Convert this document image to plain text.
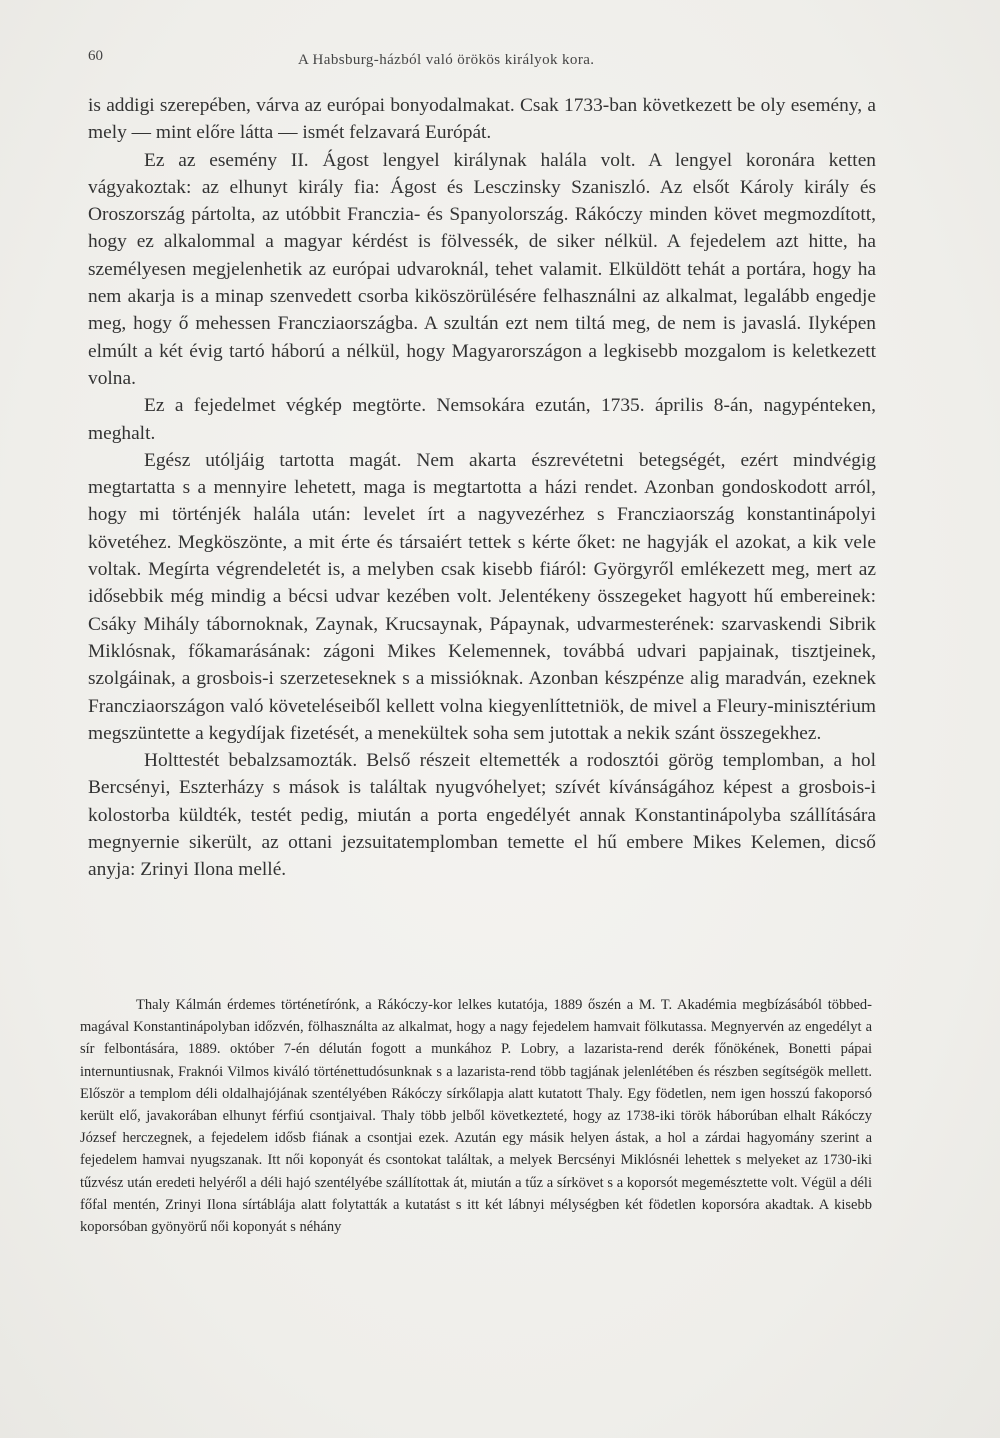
60	A Habsburg-házból való örökös királyok kora.

is addigi szerepében, várva az európai bonyodalmakat. Csak 1733-ban következett be oly esemény, a mely — mint előre látta — ismét felzavará Európát.

Ez az esemény II. Ágost lengyel királynak halála volt. A lengyel koronára ketten vágyakoztak: az elhunyt király fia: Ágost és Lesczinsky Szaniszló. Az elsőt Károly király és Oroszország pártolta, az utóbbit Franczia- és Spanyolország. Rákóczy minden követ megmozdított, hogy ez alkalommal a magyar kérdést is fölvessék, de siker nélkül. A fejedelem azt hitte, ha személyesen megjelenhetik az európai udvaroknál, tehet valamit. Elküldött tehát a portára, hogy ha nem akarja is a minap szenvedett csorba kiköszörülésére felhasználni az alkalmat, legalább engedje meg, hogy ő mehessen Francziaországba. A szultán ezt nem tiltá meg, de nem is javaslá. Ilyképen elmúlt a két évig tartó háború a nélkül, hogy Magyarországon a legkisebb mozgalom is keletkezett volna.

Ez a fejedelmet végkép megtörte. Nemsokára ezután, 1735. április 8-án, nagypénteken, meghalt.

Egész utóljáig tartotta magát. Nem akarta észrevétetni betegségét, ezért mindvégig megtartatta s a mennyire lehetett, maga is megtartotta a házi rendet. Azonban gondoskodott arról, hogy mi történjék halála után: levelet írt a nagyvezérhez s Francziaország konstantinápolyi követéhez. Megköszönte, a mit érte és társaiért tettek s kérte őket: ne hagyják el azokat, a kik vele voltak. Megírta végrendeletét is, a melyben csak kisebb fiáról: Györgyről emlékezett meg, mert az idősebbik még mindig a bécsi udvar kezében volt. Jelentékeny összegeket hagyott hű embereinek: Csáky Mihály tábornoknak, Zaynak, Krucsaynak, Pápaynak, udvarmesterének: szarvaskendi Sibrik Miklósnak, főkamarásának: zágoni Mikes Kelemennek, továbbá udvari papjainak, tisztjeinek, szolgáinak, a grosbois-i szerzeteseknek s a missióknak. Azonban készpénze alig maradván, ezeknek Francziaországon való követeléseiből kellett volna kiegyenlíttetniök, de mivel a Fleury-minisztérium megszüntette a kegydíjak fizetését, a menekültek soha sem jutottak a nekik szánt összegekhez.

Holttestét bebalzsamozták. Belső részeit eltemették a rodosztói görög templomban, a hol Bercsényi, Eszterházy s mások is találtak nyugvóhelyet; szívét kívánságához képest a grosbois-i kolostorba küldték, testét pedig, miután a porta engedélyét annak Konstantinápolyba szállítására megnyernie sikerült, az ottani jezsuitatemplomban temette el hű embere Mikes Kelemen, dicső anyja: Zrinyi Ilona mellé.

Thaly Kálmán érdemes történetírónk, a Rákóczy-kor lelkes kutatója, 1889 őszén a M. T. Akadémia megbízásából többed-magával Konstantinápolyban időzvén, fölhasználta az alkalmat, hogy a nagy fejedelem hamvait fölkutassa. Megnyervén az engedélyt a sír felbontására, 1889. október 7-én délután fogott a munkához P. Lobry, a lazarista-rend derék főnökének, Bonetti pápai internuntiusnak, Fraknói Vilmos kiváló történettudósunknak s a lazarista-rend több tagjának jelenlétében és részben segítségök mellett. Először a templom déli oldalhajójának szentélyében Rákóczy sírkőlapja alatt kutatott Thaly. Egy födetlen, nem igen hosszú fakoporsó került elő, javakorában elhunyt férfiú csontjaival. Thaly több jelből következteté, hogy az 1738-iki török háborúban elhalt Rákóczy József herczegnek, a fejedelem idősb fiának a csontjai ezek. Azután egy másik helyen ástak, a hol a zárdai hagyomány szerint a fejedelem hamvai nyugszanak. Itt női koponyát és csontokat találtak, a melyek Bercsényi Miklósnéi lehettek s melyeket az 1730-iki tűzvész után eredeti helyéről a déli hajó szentélyébe szállítottak át, miután a tűz a sírkövet s a koporsót megemésztette volt. Végül a déli főfal mentén, Zrinyi Ilona sírtáblája alatt folytatták a kutatást s itt két lábnyi mélységben két födetlen koporsóra akadtak. A kisebb koporsóban gyönyörű női koponyát s néhány
